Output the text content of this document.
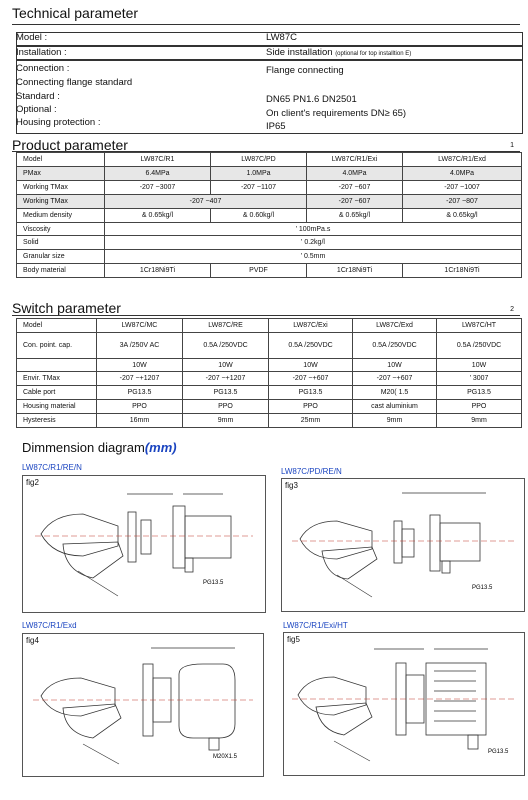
Technical parameter
Model :	LW87C
Installation :	Side installation (optional for top installtion E)
Connection :	Flange connecting
Connecting flange standard
Standard :	DN65 PN1.6 DN2501
Optional :	On client's requirements DN≥ 65)
Housing protection :	IP65
Product parameter	1
Model	LW87C/R1	LW87C/PD	LW87C/R1/Exi	LW87C/R1/Exd
PMax	6.4MPa	1.0MPa	4.0MPa	4.0MPa
Working TMax	-207 ~3007	-207 ~1107	-207 ~607	-207 ~1007
Working TMax	-207 ~407		-207 ~607	-207 ~807
Medium density	& 0.65kg/l	& 0.60kg/l	& 0.65kg/l	& 0.65kg/l
Viscosity	' 100mPa.s			
Solid	' 0.2kg/l			
Granular size	' 0.5mm			
Body material	1Cr18Ni9Ti	PVDF	1Cr18Ni9Ti	1Cr18Ni9Ti
Switch parameter	2
Model	LW87C/MC	LW87C/RE	LW87C/Exi	LW87C/Exd	LW87C/HT
Con. point. cap.	3A /250V AC	0.5A /250VDC	0.5A /250VDC	0.5A /250VDC	0.5A /250VDC
	10W	10W	10W	10W	10W
Envir. TMax	-207 ~+1207	-207 ~+1207	-207 ~+607	-207 ~+607	' 3007
Cable port	PG13.5	PG13.5	PG13.5	M20( 1.5	PG13.5
Housing material	PPO	PPO	PPO	cast aluminium	PPO
Hysteresis	16mm	9mm	25mm	9mm	9mm
Dimmension diagram(mm)
LW87C/R1/RE/N
fig2
PG13.5
LW87C/PD/RE/N
fig3
PG13.5
LW87C/R1/Exd
fig4
M20X1.5
LW87C/R1/Exi/HT
fig5
PG13.5
